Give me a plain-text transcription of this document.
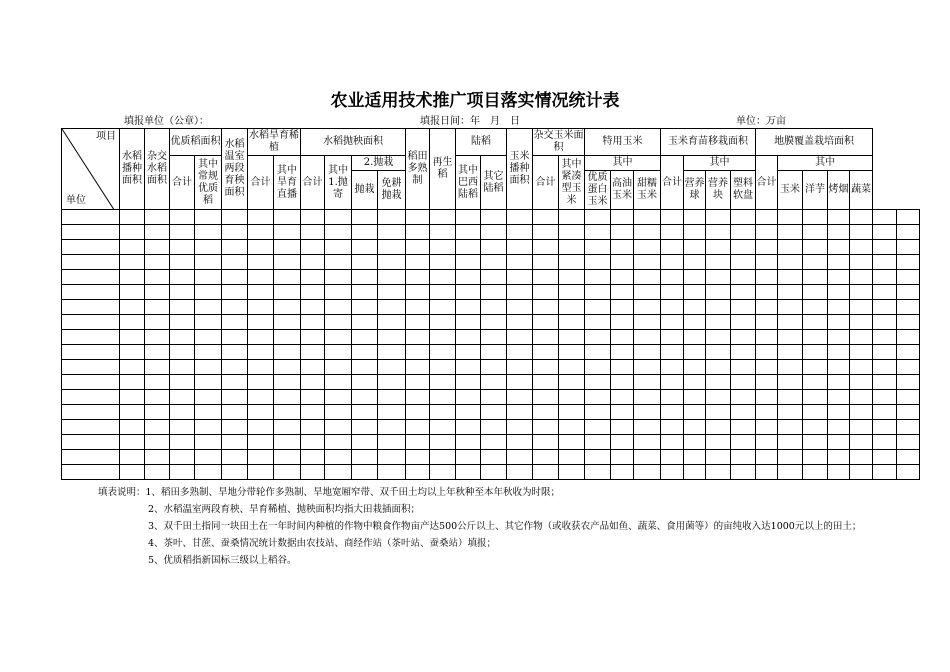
农业适用技术推广项目落实情况统计表
填报单位（公章）：	填报日间：年　月　日	单位：万亩
项目
单位	水稻播种面积	杂交水稻面积	优质稻面积		水稻温室两段育秧面积	水稻旱育稀植		水稻抛秧面积				稻田多熟制	再生稻	陆稻		玉米播种面积	杂交玉米面积		特用玉米			玉米育苗移栽面积				地膜覆盖栽培面积						
			合计	其中常规优质稻		合计	其中旱育直播	合计	其中1.抛寄	2.抛栽				其中巴西陆稻	其它陆稻		合计	其中紧凑型玉米	其中			合计	其中			合计	其中					
										抛栽	免耕抛栽								优质蛋白玉米	高油玉米	甜糯玉米		营养球	营养块	塑料软盘		玉米	洋芋	烤烟	蔬菜		

填表说明：1、稻田多熟制、旱地分带轮作多熟制、旱地宽厢窄带、双千田土均以上年秋种至本年秋收为时限；
2、水稻温室两段育秧、旱育稀植、抛秧面积均指大田栽插面积；
3、双千田土指同一块田土在一年时间内种植的作物中粮食作物亩产达500公斤以上、其它作物（或收获农产品如鱼、蔬菜、食用菌等）的亩纯收入达1000元以上的田土；
4、茶叶、甘蔗、蚕桑情况统计数据由农技站、商经作站（茶叶站、蚕桑站）填报；
5、优质稻指新国标三级以上稻谷。
